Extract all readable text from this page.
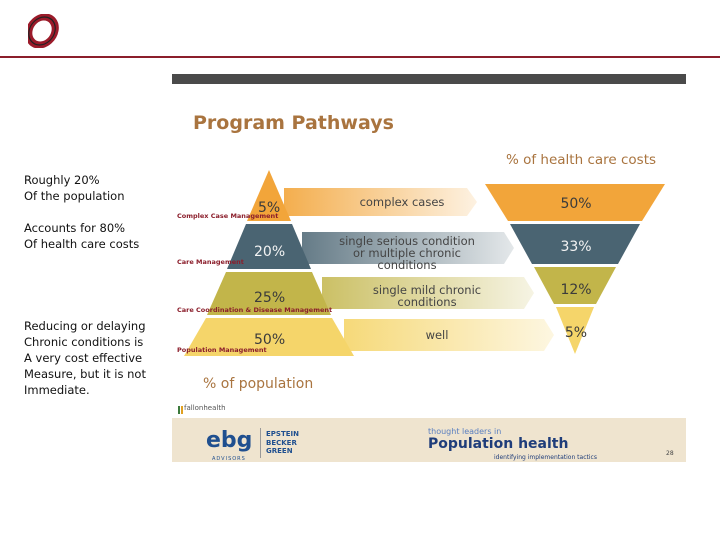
Roughly 20%
Of the population
Accounts for 80%
Of health care costs
Reducing or delaying
Chronic conditions is
A very cost effective
Measure, but it is not
Immediate.
Program Pathways
% of health care costs
Complex Case Management
Care Management
Care Coordination & Disease Management
Population Management
5%
20%
25%
50%
complex cases
single serious condition
or multiple chronic
conditions
single mild chronic
conditions
well
50%
33%
12%
5%
% of population
fallonhealth
ebg
ADVISORS
EPSTEIN
BECKER
GREEN
thought leaders in
Population health
identifying implementation tactics
28
